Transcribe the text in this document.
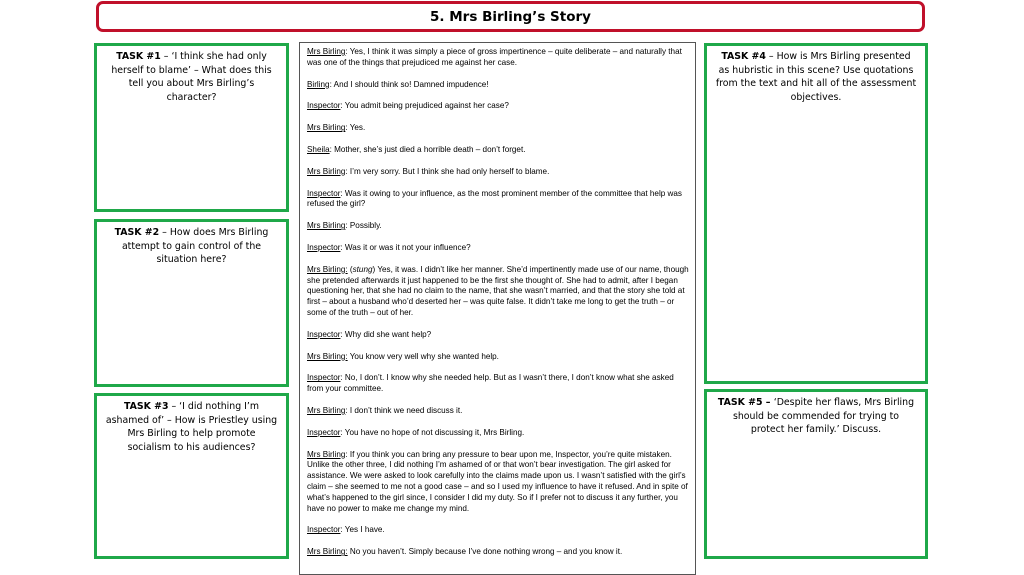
5. Mrs Birling’s Story
TASK #1 – ‘I think she had only herself to blame’ – What does this tell you about Mrs Birling’s character?
TASK #2 – How does Mrs Birling attempt to gain control of the situation here?
TASK #3 – ‘I did nothing I’m ashamed of’ – How is Priestley using Mrs Birling to help promote socialism to his audiences?
TASK #4 – How is Mrs Birling presented as hubristic in this scene? Use quotations from the text and hit all of the assessment objectives.
TASK #5 – ‘Despite her flaws, Mrs Birling should be commended for trying to protect her family.’ Discuss.

Mrs Birling: Yes, I think it was simply a piece of gross impertinence – quite deliberate – and naturally that was one of the things that prejudiced me against her case.

Birling: And I should think so! Damned impudence!

Inspector: You admit being prejudiced against her case?

Mrs Birling: Yes.

Sheila: Mother, she’s just died a horrible death – don’t forget.

Mrs Birling: I’m very sorry. But I think she had only herself to blame.

Inspector: Was it owing to your influence, as the most prominent member of the committee that help was refused the girl?

Mrs Birling: Possibly.

Inspector: Was it or was it not your influence?

Mrs Birling: (stung) Yes, it was. I didn’t like her manner. She’d impertinently made use of our name, though she pretended afterwards it just happened to be the first she thought of. She had to admit, after I began questioning her, that she had no claim to the name, that she wasn’t married, and that the story she told at first – about a husband who’d deserted her – was quite false. It didn’t take me long to get the truth – or some of the truth – out of her.

Inspector: Why did she want help?

Mrs Birling: You know very well why she wanted help.

Inspector: No, I don’t. I know why she needed help. But as I wasn’t there, I don’t know what she asked from your committee.

Mrs Birling: I don’t think we need discuss it.

Inspector: You have no hope of not discussing it, Mrs Birling.

Mrs Birling: If you think you can bring any pressure to bear upon me, Inspector, you’re quite mistaken. Unlike the other three, I did nothing I’m ashamed of or that won’t bear investigation. The girl asked for assistance. We were asked to look carefully into the claims made upon us. I wasn’t satisfied with the girl’s claim – she seemed to me not a good case – and so I used my influence to have it refused. And in spite of what’s happened to the girl since, I consider I did my duty. So if I prefer not to discuss it any further, you have no power to make me change my mind.

Inspector: Yes I have.

Mrs Birling: No you haven’t. Simply because I’ve done nothing wrong – and you know it.
